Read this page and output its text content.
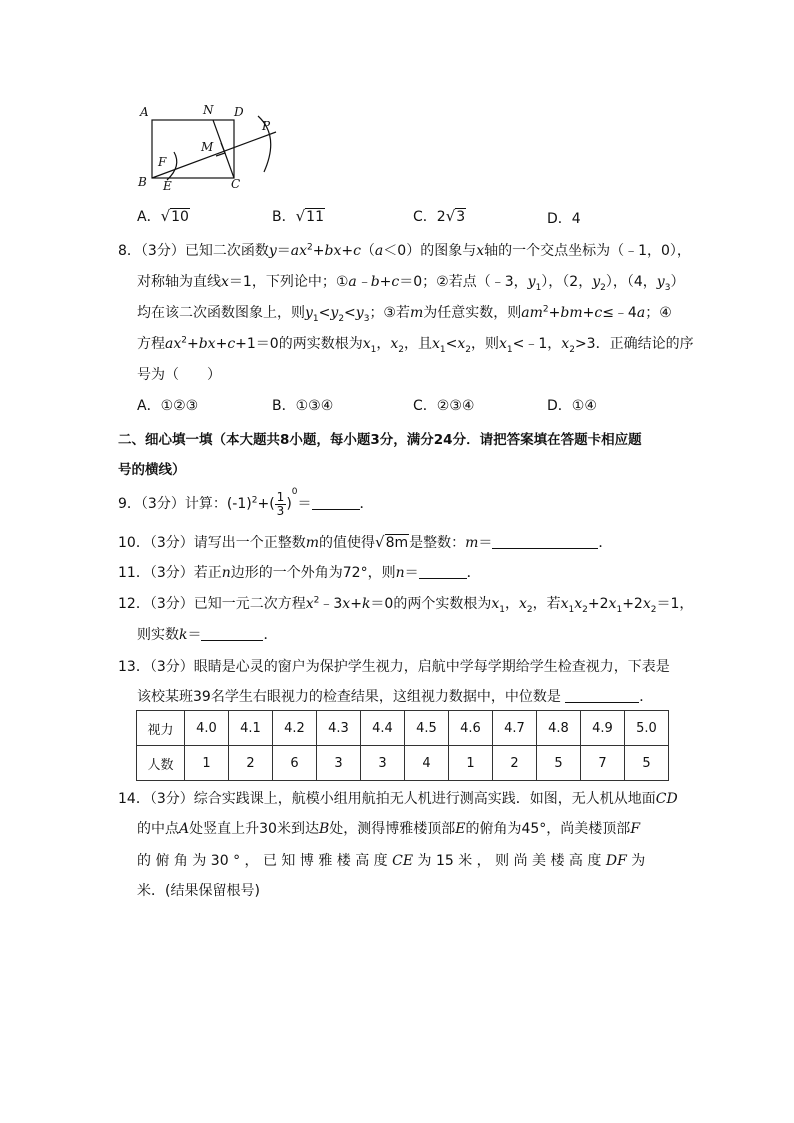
A	N D
P
M
F
B E	C
A．√10	B．√11	C．2√3	D．4
8．（3分）已知二次函数$y=ax^2+bx+c(a<0)$的图象与x轴的一个交点坐标为（﹣1，0），
对称轴为直线x＝1，下列论中；①a﹣b+c＝0；②若点（﹣3，$y_1$），（2，$y_2$），（4，$y_3$）
均在该二次函数图象上，则$y_1<y_2<y_3$；③若m为任意实数，则$am^2+bm+c\le﹣4a$；④
方程$ax^2+bx+c+1=0$的两实数根为$x_1$，$x_2$，且$x_1<x_2$，则$x_1<﹣1$，$x_2>3$．正确结论的序
号为（　　）
A．①②③	B．①③④	C．②③④	D．①④
二、细心填一填（本大题共8小题，每小题3分，满分24分．请把答案填在答题卡相应题
号的横线）
9．（3分）计算：$(-1)^2+( \frac{1}{3} )^0=$	．
10．（3分）请写出一个正整数m的值使得√8m是整数：m＝	．
11．（3分）若正n边形的一个外角为72°，则n＝	．
12．（3分）已知一元二次方程$x^2﹣3x+k=0$的两个实数根为$x_1$，$x_2$，若$x_1x_2+2x_1+2x_2=1$，
则实数k＝	．
13．（3分）眼睛是心灵的窗户为保护学生视力，启航中学每学期给学生检查视力，下表是
该校某班39名学生右眼视力的检查结果，这组视力数据中，中位数是	．
视力	4.0	4.1	4.2	4.3	4.4	4.5	4.6	4.7	4.8	4.9	5.0
人数	1	2	6	3	3	4	1	2	5	7	5
14．（3分）综合实践课上，航模小组用航拍无人机进行测高实践．如图，无人机从地面CD
的中点A处竖直上升30米到达B处，测得博雅楼顶部E的俯角为45°，尚美楼顶部F
的 俯 角 为 30 ° ， 已 知 博 雅 楼 高 度 CE 为 15 米 ， 则 尚 美 楼 高 度 DF 为
米．(结果保留根号)
